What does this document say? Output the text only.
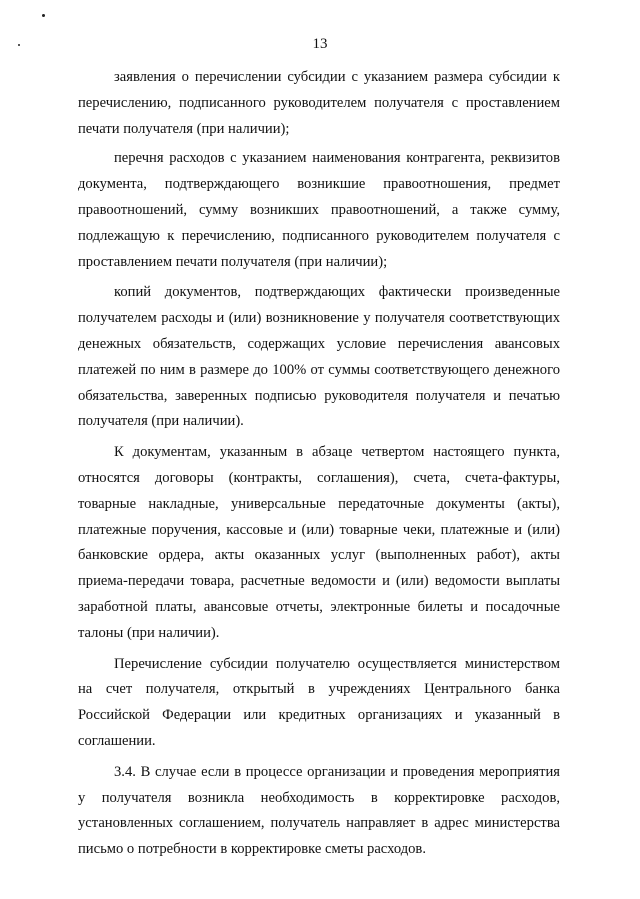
13

заявления о перечислении субсидии с указанием размера субсидии к перечислению, подписанного руководителем получателя с проставлением печати получателя (при наличии);

перечня расходов с указанием наименования контрагента, реквизитов документа, подтверждающего возникшие правоотношения, предмет правоотношений, сумму возникших правоотношений, а также сумму, подлежащую к перечислению, подписанного руководителем получателя с проставлением печати получателя (при наличии);

копий документов, подтверждающих фактически произведенные получателем расходы и (или) возникновение у получателя соответствующих денежных обязательств, содержащих условие перечисления авансовых платежей по ним в размере до 100% от суммы соответствующего денежного обязательства, заверенных подписью руководителя получателя и печатью получателя (при наличии).

К документам, указанным в абзаце четвертом настоящего пункта, относятся договоры (контракты, соглашения), счета, счета-фактуры, товарные накладные, универсальные передаточные документы (акты), платежные поручения, кассовые и (или) товарные чеки, платежные и (или) банковские ордера, акты оказанных услуг (выполненных работ), акты приема-передачи товара, расчетные ведомости и (или) ведомости выплаты заработной платы, авансовые отчеты, электронные билеты и посадочные талоны (при наличии).

Перечисление субсидии получателю осуществляется министерством на счет получателя, открытый в учреждениях Центрального банка Российской Федерации или кредитных организациях и указанный в соглашении.

3.4. В случае если в процессе организации и проведения мероприятия у получателя возникла необходимость в корректировке расходов, установленных соглашением, получатель направляет в адрес министерства письмо о потребности в корректировке сметы расходов.
